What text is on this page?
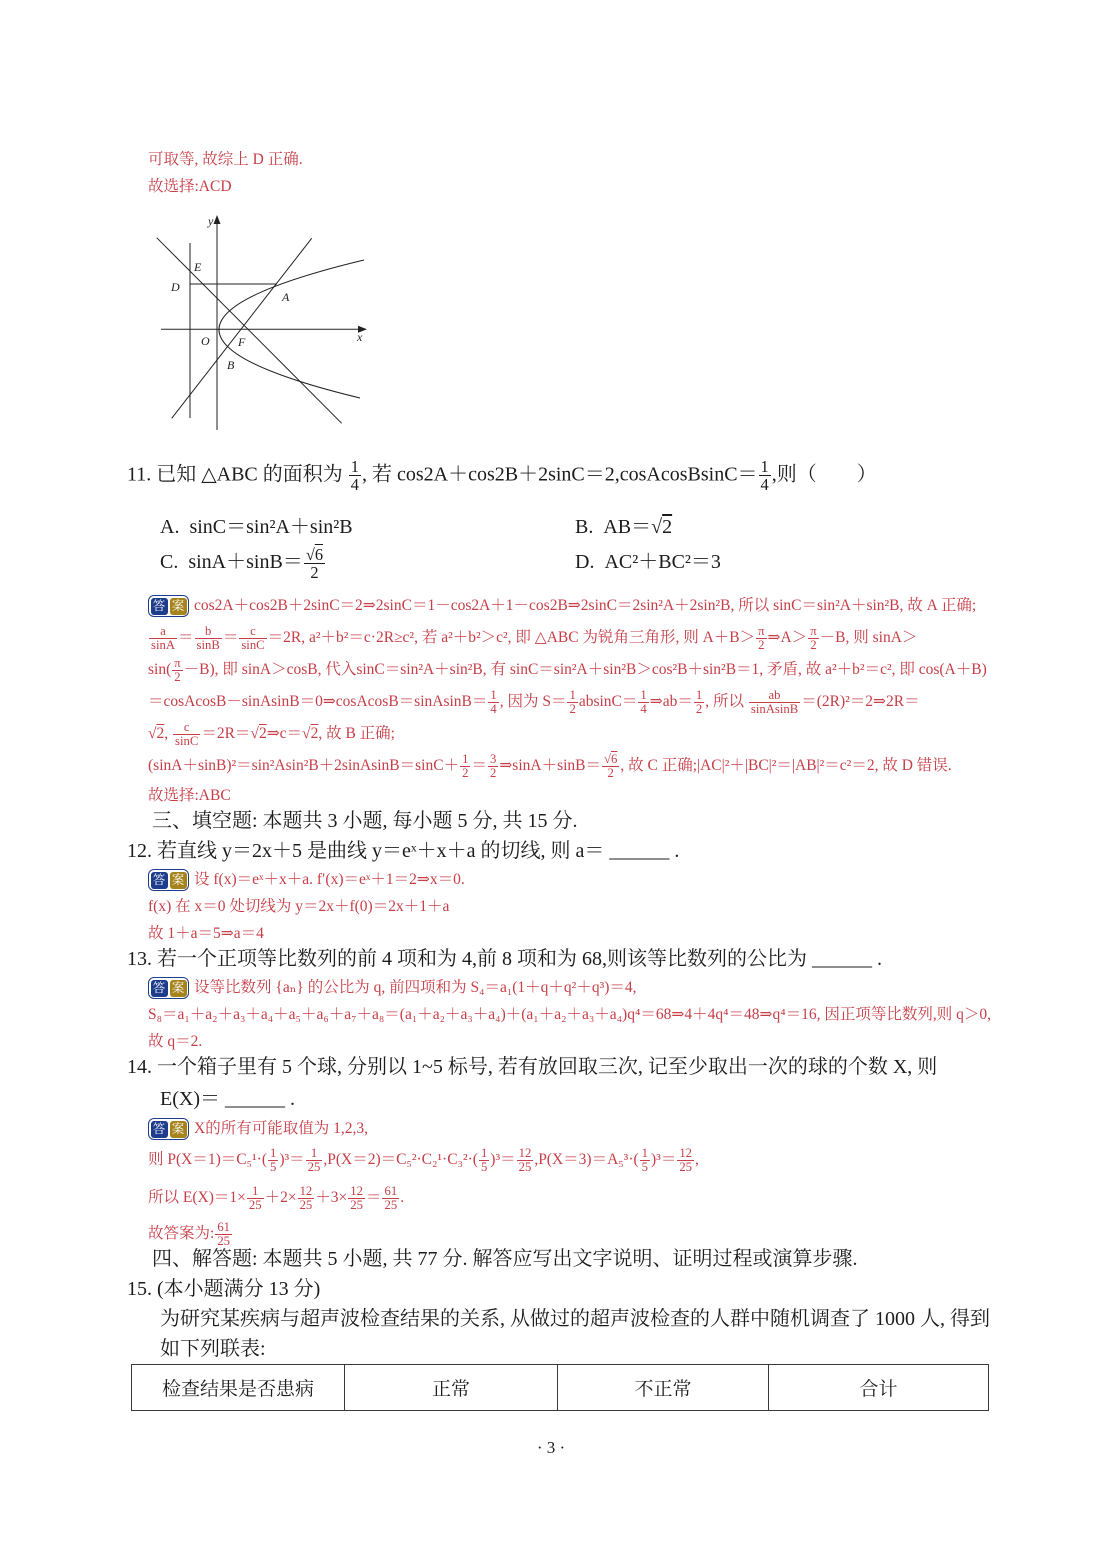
可取等, 故综上 D 正确.
故选择:ACD
y
x
E
D
A
O F
B
11. 已知 △ABC 的面积为 $\frac{1}{4}$ , 若 cos2A＋cos2B＋2sinC＝2,cosAcosBsinC＝ $\frac{1}{4}$ ,则（　　）
A. sinC＝sin²A＋sin²B	B. AB＝√2
C. $\sin A+\sin B= \frac{√6}{2}$	D. AC²＋BC²＝3
答 案 cos2A＋cos2B＋2sinC＝2⇒2sinC＝1－cos2A＋1－cos2B⇒2sinC＝2sin²A＋2sin²B, 所以 sinC＝sin²A＋sin²B, 故 A 正确;
$\frac{a}{\sin A} = \frac{b}{\sin B} = \frac{c}{\sin C} =2R$, a²＋b²＝c·2R≥c², 若 a²＋b²＞c², 即 △ABC 为锐角三角形, 则 $A+B> \frac{\pi}{2}$ ⇒A＞ $\frac{\pi}{2} -B$, 则 sinA＞
$\sin( \frac{\pi}{2} -B)$, 即 sinA＞cosB, 代入sinC＝sin²A＋sin²B, 有 sinC＝sin²A＋sin²B＞cos²B＋sin²B＝1, 矛盾, 故 a²＋b²＝c², 即 cos(A＋B)
＝cosAcosB－sinAsinB＝0⇒cosAcosB＝sinAsinB＝ $\frac{1}{4}$ , 因为 $S= \frac{1}{2} absinC= \frac{1}{4}$ ⇒ab＝ $\frac{1}{2}$ , 所以 $\frac{ab}{\text{sinAsinB}}$ ＝(2R)²＝2⇒2R＝
√2, $\frac{c}{\sin C}$ ＝2R＝√2⇒c＝√2, 故 B 正确;
(sinA＋sinB)²＝sin²Asin²B＋2sinAsinB＝sinC＋ $\frac{1}{2} = \frac{3}{2}$ ⇒sinA＋sinB＝ $\frac{√6}{2}$ , 故 C 正确;|AC|²＋|BC|²＝|AB|²＝c²＝2, 故 D 错误.
故选择:ABC
三、填空题: 本题共 3 小题, 每小题 5 分, 共 15 分.
12. 若直线 y＝2x＋5 是曲线 y＝eˣ＋x＋a 的切线, 则 a＝ ______ .
答 案 设 f(x)＝eˣ＋x＋a. f′(x)＝eˣ＋1＝2⇒x＝0.
f(x) 在 x＝0 处切线为 y＝2x＋f(0)＝2x＋1＋a
故 1＋a＝5⇒a＝4
13. 若一个正项等比数列的前 4 项和为 4,前 8 项和为 68,则该等比数列的公比为 ______ .
答 案 设等比数列 {aₙ} 的公比为 q, 前四项和为 S₄＝a₁(1＋q＋q²＋q³)＝4,
S₈＝a₁＋a₂＋a₃＋a₄＋a₅＋a₆＋a₇＋a₈＝(a₁＋a₂＋a₃＋a₄)＋(a₁＋a₂＋a₃＋a₄)q⁴＝68⇒4＋4q⁴＝48⇒q⁴＝16, 因正项等比数列,则 q＞0,
故 q＝2.
14. 一个箱子里有 5 个球, 分别以 1~5 标号, 若有放回取三次, 记至少取出一次的球的个数 X, 则
E(X)＝ ______ .
答 案 X的所有可能取值为 1,2,3,
则 $P(X=1)=C_5^1\cdot( \frac{1}{5} )^3= \frac{1}{25} ,P(X=2)=C_5^2\cdot C_2^1\cdot C_3^2\cdot( \frac{1}{5} )^3= \frac{12}{25} ,P(X=3)=A_5^3\cdot( \frac{1}{5} )^3= \frac{12}{25}$ ,
所以 $E(X)=1\times \frac{1}{25} +2\times \frac{12}{25} +3\times \frac{12}{25} = \frac{61}{25}$ .
故答案为: $\frac{61}{25}$
四、解答题: 本题共 5 小题, 共 77 分. 解答应写出文字说明、证明过程或演算步骤.
15. (本小题满分 13 分)
为研究某疾病与超声波检查结果的关系, 从做过的超声波检查的人群中随机调查了 1000 人, 得到
如下列联表:
检查结果是否患病	正常	不正常	合计
· 3 ·
